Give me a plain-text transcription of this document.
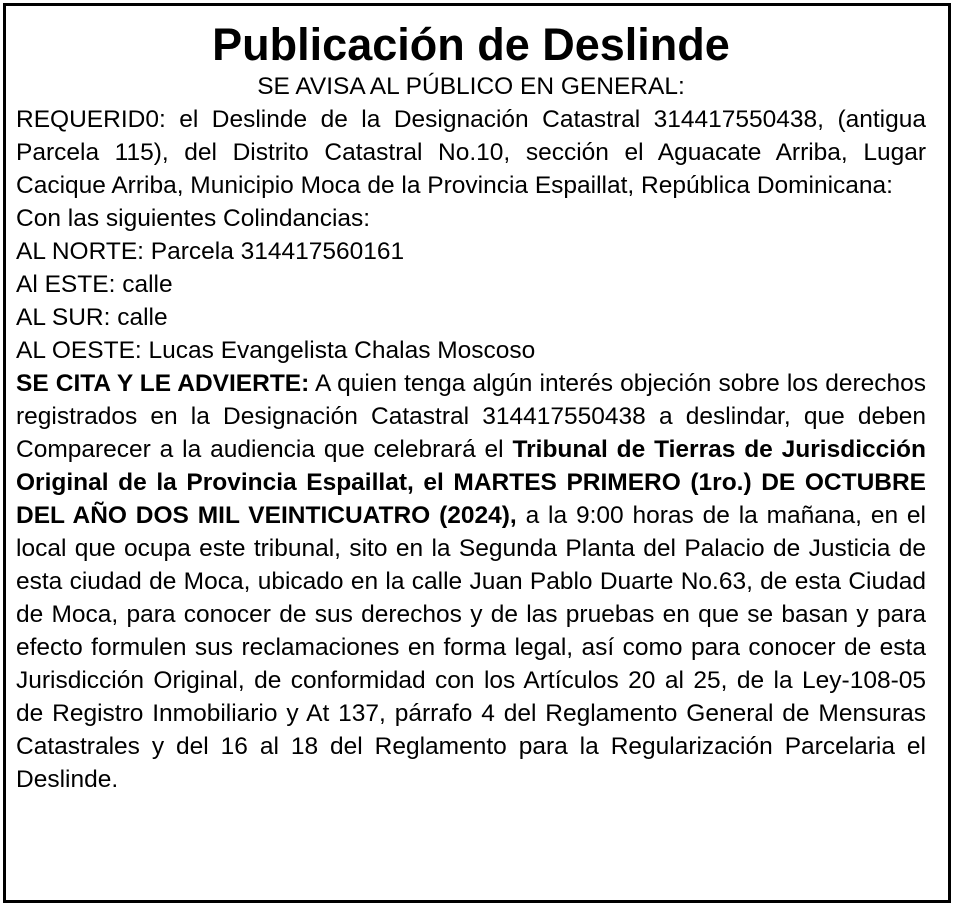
Publicación de Deslinde
SE AVISA AL PÚBLICO EN GENERAL:

REQUERID0: el Deslinde de la Designación Catastral 314417550438, (antigua Parcela 115), del Distrito Catastral No.10, sección el Aguacate Arriba, Lugar Cacique Arriba, Municipio Moca de la Provincia Espaillat, República Dominicana:

Con las siguientes Colindancias:

AL NORTE: Parcela 314417560161

Al ESTE: calle

AL SUR: calle

AL OESTE: Lucas Evangelista Chalas Moscoso

SE CITA Y LE ADVIERTE: A quien tenga algún interés objeción sobre los derechos registrados en la Designación Catastral 314417550438 a deslindar, que deben Comparecer a la audiencia que celebrará el Tribunal de Tierras de Jurisdicción Original de la Provincia Espaillat, el MARTES PRIMERO (1ro.) DE OCTUBRE DEL AÑO DOS MIL VEINTICUATRO (2024), a la 9:00 horas de la mañana, en el local que ocupa este tribunal, sito en la Segunda Planta del Palacio de Justicia de esta ciudad de Moca, ubicado en la calle Juan Pablo Duarte No.63, de esta Ciudad de Moca, para conocer de sus derechos y de las pruebas en que se basan y para efecto formulen sus reclamaciones en forma legal, así como para conocer de esta Jurisdicción Original, de conformidad con los Artículos 20 al 25, de la Ley-108-05 de Registro Inmobiliario y At 137, párrafo 4 del Reglamento General de Mensuras Catastrales y del 16 al 18 del Reglamento para la Regularización Parcelaria el Deslinde.
